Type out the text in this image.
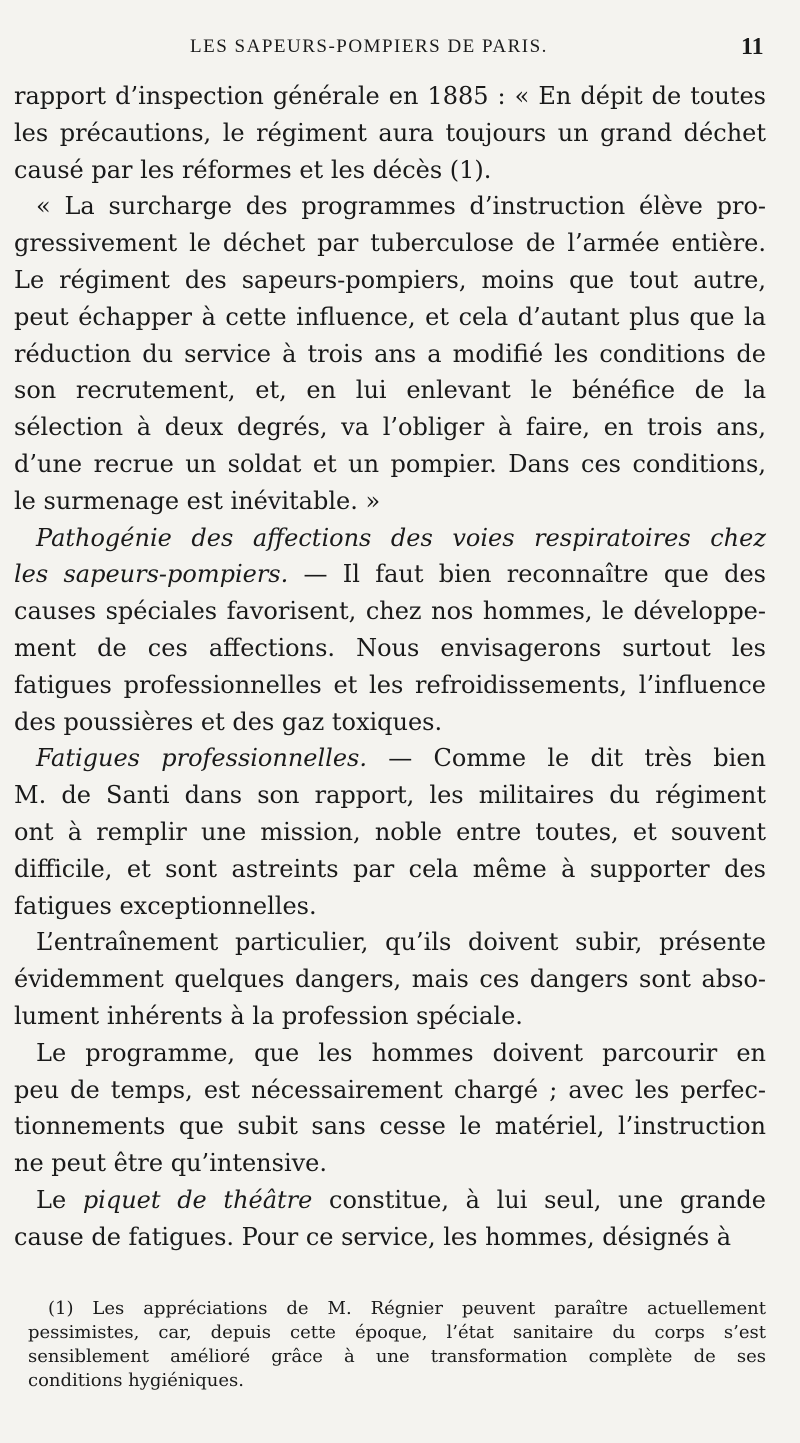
LES SAPEURS-POMPIERS DE PARIS.	11
rapport d’inspection générale en 1885 : « En dépit de toutes
les précautions, le régiment aura toujours un grand déchet
causé par les réformes et les décès (1).
« La surcharge des programmes d’instruction élève pro-
gressivement le déchet par tuberculose de l’armée entière.
Le régiment des sapeurs-pompiers, moins que tout autre,
peut échapper à cette influence, et cela d’autant plus que la
réduction du service à trois ans a modifié les conditions de
son recrutement, et, en lui enlevant le bénéfice de la
sélection à deux degrés, va l’obliger à faire, en trois ans,
d’une recrue un soldat et un pompier. Dans ces conditions,
le surmenage est inévitable. »
Pathogénie des affections des voies respiratoires chez
les sapeurs-pompiers. — Il faut bien reconnaître que des
causes spéciales favorisent, chez nos hommes, le développe-
ment de ces affections. Nous envisagerons surtout les
fatigues professionnelles et les refroidissements, l’influence
des poussières et des gaz toxiques.
Fatigues professionnelles. — Comme le dit très bien
M. de Santi dans son rapport, les militaires du régiment
ont à remplir une mission, noble entre toutes, et souvent
difficile, et sont astreints par cela même à supporter des
fatigues exceptionnelles.
L’entraînement particulier, qu’ils doivent subir, présente
évidemment quelques dangers, mais ces dangers sont abso-
lument inhérents à la profession spéciale.
Le programme, que les hommes doivent parcourir en
peu de temps, est nécessairement chargé ; avec les perfec-
tionnements que subit sans cesse le matériel, l’instruction
ne peut être qu’intensive.
Le piquet de théâtre constitue, à lui seul, une grande
cause de fatigues. Pour ce service, les hommes, désignés à
(1) Les appréciations de M. Régnier peuvent paraître actuellement
pessimistes, car, depuis cette époque, l’état sanitaire du corps s’est
sensiblement amélioré grâce à une transformation complète de ses
conditions hygiéniques.
